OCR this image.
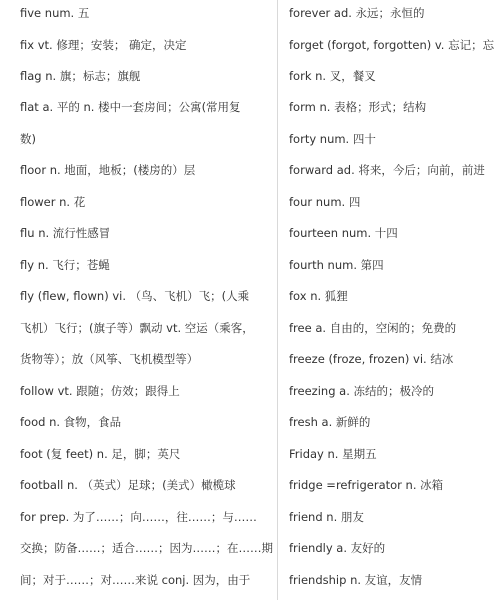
five num. 五
fix vt. 修理；安装； 确定，决定
flag n. 旗；标志；旗舰
flat a. 平的 n. 楼中一套房间；公寓(常用复
数)
floor n. 地面，地板；(楼房的）层
flower n. 花
flu n. 流行性感冒
fly n. 飞行；苍蝇
fly (flew, flown) vi. （鸟、飞机）飞；(人乘
飞机）飞行；(旗子等）飘动 vt. 空运（乘客，
货物等）；放（风筝、飞机模型等）
follow vt. 跟随；仿效；跟得上
food n. 食物，食品
foot (复 feet) n. 足，脚；英尺
football n. （英式）足球；(美式）橄榄球
for prep. 为了……；向……，往……；与……
交换；防备……；适合……；因为……；在……期
间；对于……；对……来说 conj. 因为，由于
forever ad. 永远；永恒的
forget (forgot, forgotten) v. 忘记；忘
fork n. 叉，餐叉
form n. 表格；形式；结构
forty num. 四十
forward ad. 将来，今后；向前，前进
four num. 四
fourteen num. 十四
fourth num. 第四
fox n. 狐狸
free a. 自由的，空闲的；免费的
freeze (froze, frozen) vi. 结冰
freezing a. 冻结的；极冷的
fresh a. 新鲜的
Friday n. 星期五
fridge =refrigerator n. 冰箱
friend n. 朋友
friendly a. 友好的
friendship n. 友谊，友情
